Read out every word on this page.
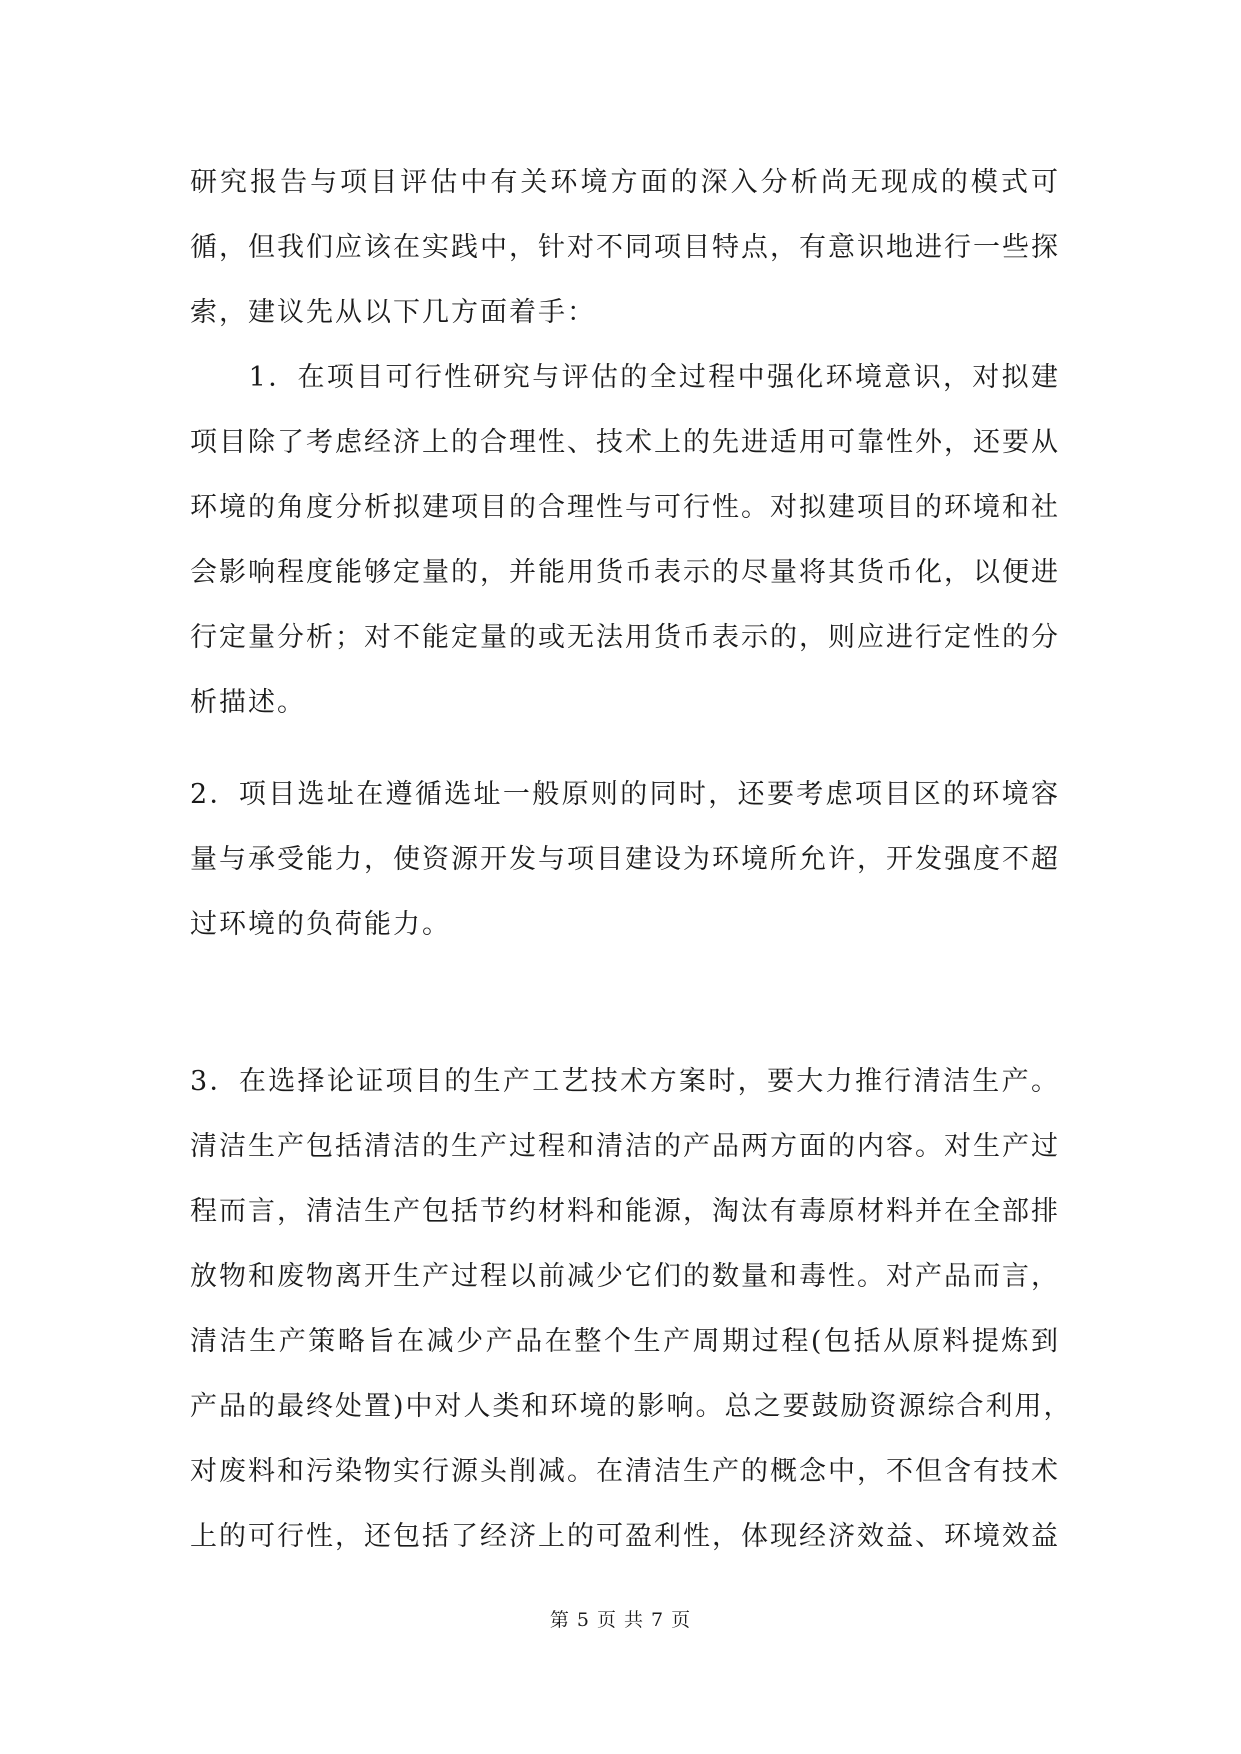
研究报告与项目评估中有关环境方面的深入分析尚无现成的模式可
循，但我们应该在实践中，针对不同项目特点，有意识地进行一些探
索，建议先从以下几方面着手：
　　1．在项目可行性研究与评估的全过程中强化环境意识，对拟建
项目除了考虑经济上的合理性、技术上的先进适用可靠性外，还要从
环境的角度分析拟建项目的合理性与可行性。对拟建项目的环境和社
会影响程度能够定量的，并能用货币表示的尽量将其货币化，以便进
行定量分析；对不能定量的或无法用货币表示的，则应进行定性的分
析描述。
2．项目选址在遵循选址一般原则的同时，还要考虑项目区的环境容
量与承受能力，使资源开发与项目建设为环境所允许，开发强度不超
过环境的负荷能力。
3．在选择论证项目的生产工艺技术方案时，要大力推行清洁生产。
清洁生产包括清洁的生产过程和清洁的产品两方面的内容。对生产过
程而言，清洁生产包括节约材料和能源，淘汰有毒原材料并在全部排
放物和废物离开生产过程以前减少它们的数量和毒性。对产品而言，
清洁生产策略旨在减少产品在整个生产周期过程(包括从原料提炼到
产品的最终处置)中对人类和环境的影响。总之要鼓励资源综合利用，
对废料和污染物实行源头削减。在清洁生产的概念中，不但含有技术
上的可行性，还包括了经济上的可盈利性，体现经济效益、环境效益
第 5 页 共 7 页
